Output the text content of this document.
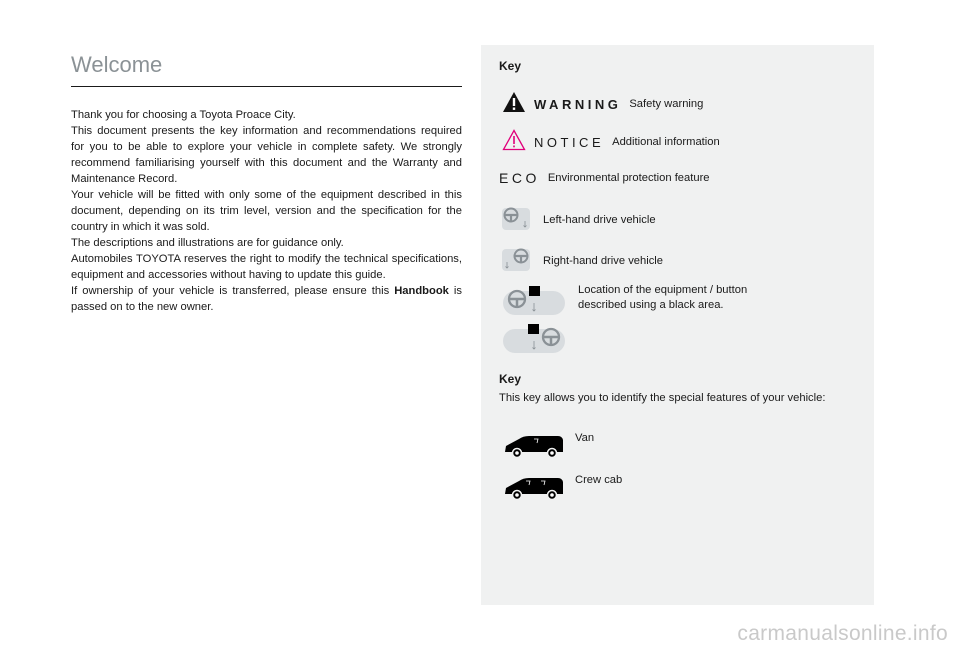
Welcome

Thank you for choosing a Toyota Proace City.

This document presents the key information and recommendations required for you to be able to explore your vehicle in complete safety. We strongly recommend familiarising yourself with this document and the Warranty and Maintenance Record.

Your vehicle will be fitted with only some of the equipment described in this document, depending on its trim level, version and the specification for the country in which it was sold.

The descriptions and illustrations are for guidance only.

Automobiles TOYOTA reserves the right to modify the technical specifications, equipment and accessories without having to update this guide.

If ownership of your vehicle is transferred, please ensure this Handbook is passed on to the new owner.

Key
WARNING Safety warning
NOTICE Additional information
ECO Environmental protection feature
Left-hand drive vehicle
Right-hand drive vehicle
Location of the equipment / button
described using a black area.
Key
This key allows you to identify the special features of your vehicle:
Van
Crew cab
carmanualsonline.info
